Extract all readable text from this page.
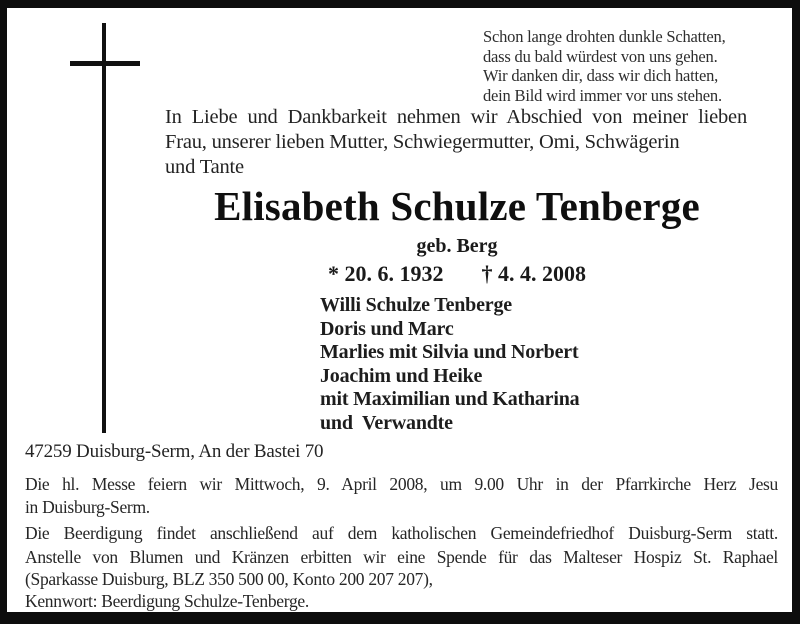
Schon lange drohten dunkle Schatten,
dass du bald würdest von uns gehen.
Wir danken dir, dass wir dich hatten,
dein Bild wird immer vor uns stehen.
In Liebe und Dankbarkeit nehmen wir Abschied von meiner lieben
Frau, unserer lieben Mutter, Schwiegermutter, Omi, Schwägerin
und Tante
Elisabeth Schulze Tenberge
geb. Berg
* 20. 6. 1932 † 4. 4. 2008
Willi Schulze Tenberge
Doris und Marc
Marlies mit Silvia und Norbert
Joachim und Heike
mit Maximilian und Katharina
und  Verwandte
47259 Duisburg-Serm, An der Bastei 70
Die hl. Messe feiern wir Mittwoch, 9. April 2008, um 9.00 Uhr in der Pfarrkirche Herz Jesu
in Duisburg-Serm.
Die Beerdigung findet anschließend auf dem katholischen Gemeindefriedhof Duisburg-Serm statt.
Anstelle von Blumen und Kränzen erbitten wir eine Spende für das Malteser Hospiz St. Raphael
(Sparkasse Duisburg, BLZ 350 500 00, Konto 200 207 207),
Kennwort: Beerdigung Schulze-Tenberge.
